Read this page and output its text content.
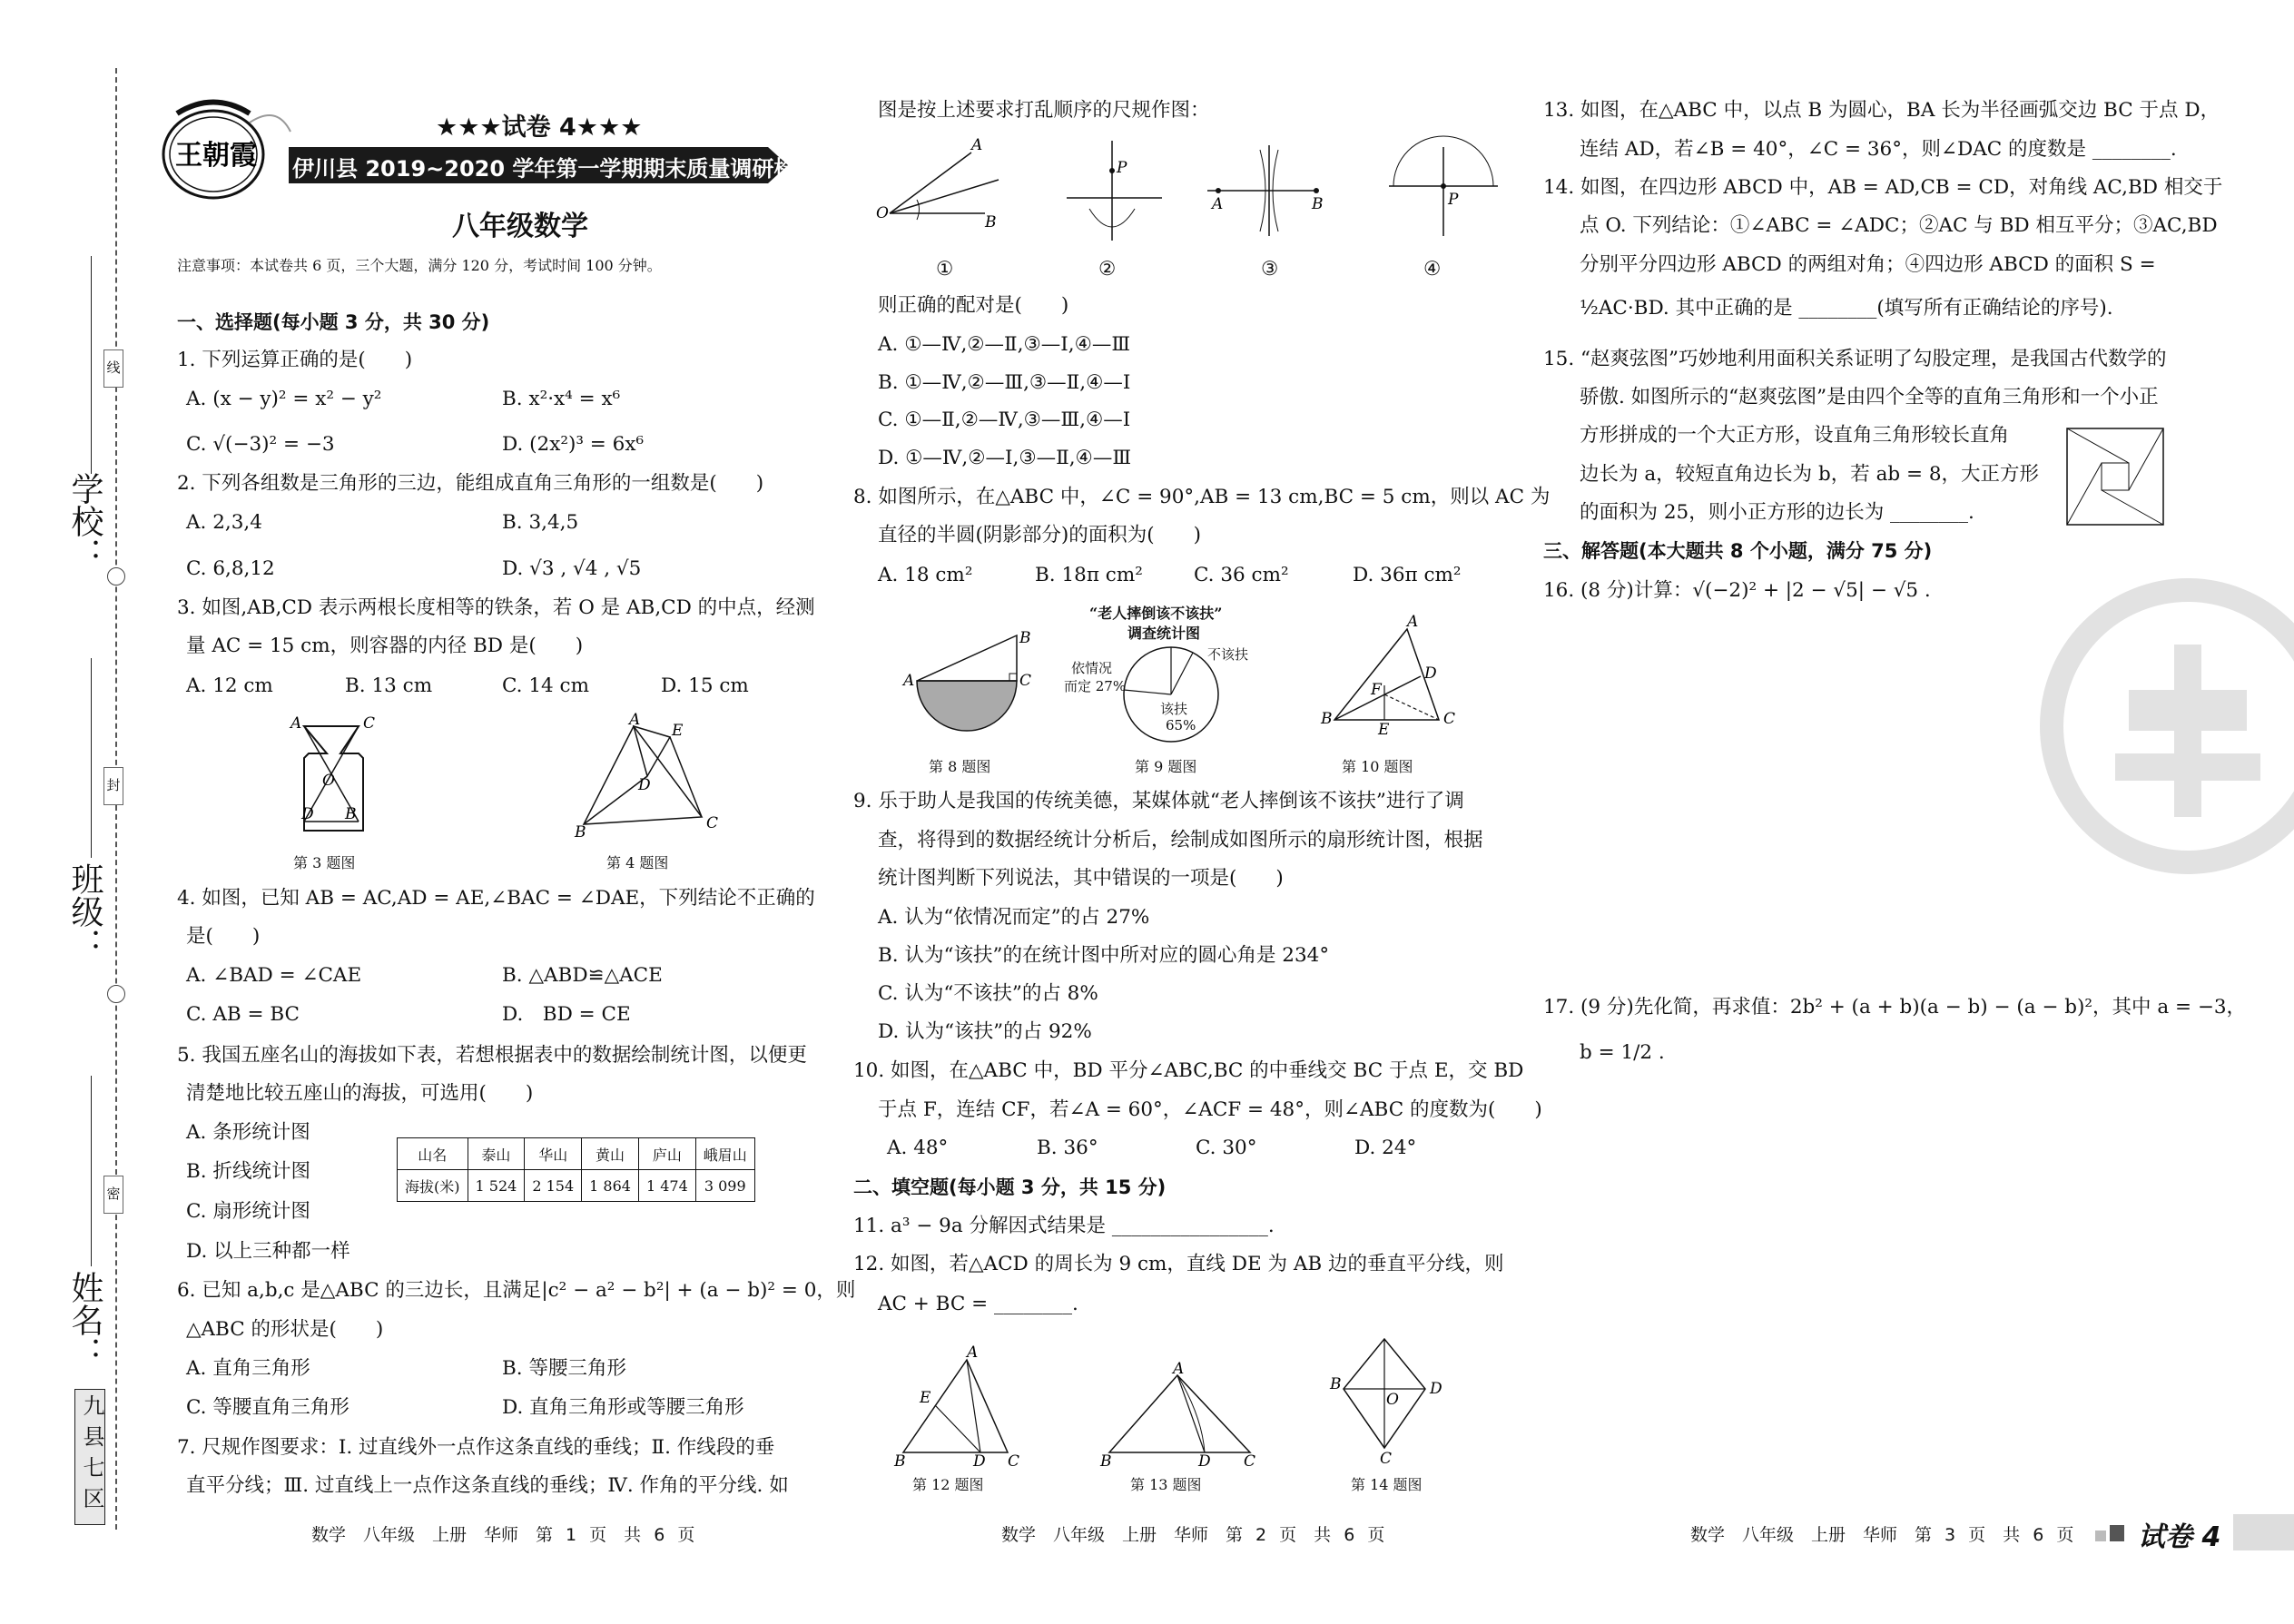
学校：
班级：
姓名：
线
封
密
九县七区
王朝霞
★★★试卷 4★★★
伊川县 2019~2020 学年第一学期期末质量调研检测试卷
八年级数学
注意事项：本试卷共 6 页，三个大题，满分 120 分，考试时间 100 分钟。
一、选择题(每小题 3 分，共 30 分)
1. 下列运算正确的是(　　)
A. (x − y)² = x² − y²	B. x²·x⁴ = x⁶
C. √(−3)² = −3	D. (2x²)³ = 6x⁶
2. 下列各组数是三角形的三边，能组成直角三角形的一组数是(　　)
A. 2,3,4	B. 3,4,5
C. 6,8,12	D. √3 , √4 , √5
3. 如图,AB,CD 表示两根长度相等的铁条，若 O 是 AB,CD 的中点，经测
量 AC = 15 cm，则容器的内径 BD 是(　　)
A. 12 cm	B. 13 cm	C. 14 cm	D. 15 cm
A	C
O
D B
第 3 题图
A
E
D
B	C
第 4 题图
4. 如图，已知 AB = AC,AD = AE,∠BAC = ∠DAE，下列结论不正确的
是(　　)
A. ∠BAD = ∠CAE	B. △ABD≌△ACE
C. AB = BC	D.　BD = CE
5. 我国五座名山的海拔如下表，若想根据表中的数据绘制统计图，以便更
清楚地比较五座山的海拔，可选用(　　)
A. 条形统计图
B. 折线统计图
C. 扇形统计图
D. 以上三种都一样
山名	泰山	华山	黄山	庐山	峨眉山
海拔(米)	1 524	2 154	1 864	1 474	3 099
6. 已知 a,b,c 是△ABC 的三边长，且满足|c² − a² − b²| + (a − b)² = 0，则
△ABC 的形状是(　　)
A. 直角三角形	B. 等腰三角形
C. 等腰直角三角形	D. 直角三角形或等腰三角形
7. 尺规作图要求：Ⅰ. 过直线外一点作这条直线的垂线；Ⅱ. 作线段的垂
直平分线；Ⅲ. 过直线上一点作这条直线的垂线；Ⅳ. 作角的平分线. 如
图是按上述要求打乱顺序的尺规作图：
O
A
B
P
A	B	P
①	②	③	④
则正确的配对是(　　)
A. ①—Ⅳ,②—Ⅱ,③—Ⅰ,④—Ⅲ
B. ①—Ⅳ,②—Ⅲ,③—Ⅱ,④—Ⅰ
C. ①—Ⅱ,②—Ⅳ,③—Ⅲ,④—Ⅰ
D. ①—Ⅳ,②—Ⅰ,③—Ⅱ,④—Ⅲ
8. 如图所示，在△ABC 中，∠C = 90°,AB = 13 cm,BC = 5 cm，则以 AC 为
直径的半圆(阴影部分)的面积为(　　)
A. 18 cm²	B. 18π cm²	C. 36 cm²	D. 36π cm²
A
B
C
第 8 题图
“老人摔倒该不该扶”
调查统计图
依情况
而定 27%
不该扶
该扶
65%
第 9 题图
A
D
F
B
E
C
第 10 题图
9. 乐于助人是我国的传统美德，某媒体就“老人摔倒该不该扶”进行了调
查，将得到的数据经统计分析后，绘制成如图所示的扇形统计图，根据
统计图判断下列说法，其中错误的一项是(　　)
A. 认为“依情况而定”的占 27%
B. 认为“该扶”的在统计图中所对应的圆心角是 234°
C. 认为“不该扶”的占 8%
D. 认为“该扶”的占 92%
10. 如图，在△ABC 中，BD 平分∠ABC,BC 的中垂线交 BC 于点 E，交 BD
于点 F，连结 CF，若∠A = 60°，∠ACF = 48°，则∠ABC 的度数为(　　)
A. 48°	B. 36°	C. 30°	D. 24°
二、填空题(每小题 3 分，共 15 分)
11. a³ − 9a 分解因式结果是 ________________.
12. 如图，若△ACD 的周长为 9 cm，直线 DE 为 AB 边的垂直平分线，则
AC + BC = ________.
A
E
B	D C
第 12 题图
A
B	D C
第 13 题图
B	D
O
C
第 14 题图
13. 如图，在△ABC 中，以点 B 为圆心，BA 长为半径画弧交边 BC 于点 D，
连结 AD，若∠B = 40°，∠C = 36°，则∠DAC 的度数是 ________.
14. 如图，在四边形 ABCD 中，AB = AD,CB = CD，对角线 AC,BD 相交于
点 O. 下列结论：①∠ABC = ∠ADC；②AC 与 BD 相互平分；③AC,BD
分别平分四边形 ABCD 的两组对角；④四边形 ABCD 的面积 S =
½AC·BD. 其中正确的是 ________(填写所有正确结论的序号).
15. “赵爽弦图”巧妙地利用面积关系证明了勾股定理，是我国古代数学的
骄傲. 如图所示的“赵爽弦图”是由四个全等的直角三角形和一个小正
方形拼成的一个大正方形，设直角三角形较长直角
边长为 a，较短直角边长为 b，若 ab = 8，大正方形
的面积为 25，则小正方形的边长为 ________.
三、解答题(本大题共 8 个小题，满分 75 分)
16. (8 分)计算：√(−2)² + |2 − √5| − √5 .
17. (9 分)先化简，再求值：2b² + (a + b)(a − b) − (a − b)²，其中 a = −3，
b = 1/2 .
数学　八年级　上册　华师　第 1 页　共 6 页	数学　八年级　上册　华师　第 2 页　共 6 页	数学　八年级　上册　华师　第 3 页　共 6 页 试卷 4
